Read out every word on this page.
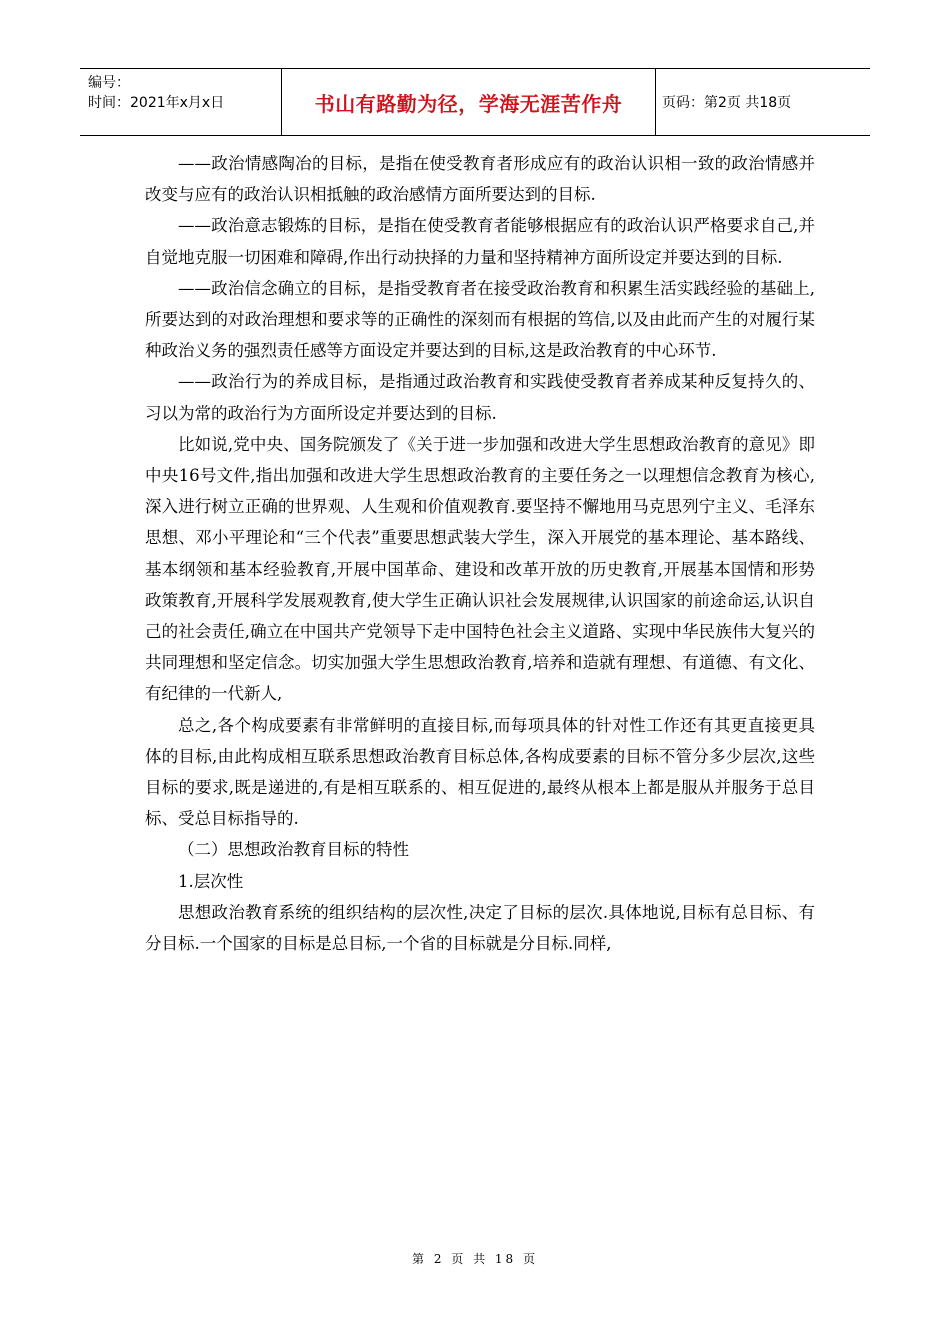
编号：
时间：2021年x月x日	书山有路勤为径，学海无涯苦作舟	页码：第2页 共18页

——政治情感陶冶的目标，是指在使受教育者形成应有的政治认识相一致的政治情感并改变与应有的政治认识相抵触的政治感情方面所要达到的目标.

——政治意志锻炼的目标，是指在使受教育者能够根据应有的政治认识严格要求自己,并自觉地克服一切困难和障碍,作出行动抉择的力量和坚持精神方面所设定并要达到的目标.

——政治信念确立的目标，是指受教育者在接受政治教育和积累生活实践经验的基础上,所要达到的对政治理想和要求等的正确性的深刻而有根据的笃信,以及由此而产生的对履行某种政治义务的强烈责任感等方面设定并要达到的目标,这是政治教育的中心环节.

——政治行为的养成目标，是指通过政治教育和实践使受教育者养成某种反复持久的、习以为常的政治行为方面所设定并要达到的目标.

比如说,党中央、国务院颁发了《关于进一步加强和改进大学生思想政治教育的意见》即中央16号文件,指出加强和改进大学生思想政治教育的主要任务之一以理想信念教育为核心,深入进行树立正确的世界观、人生观和价值观教育.要坚持不懈地用马克思列宁主义、毛泽东思想、邓小平理论和“三个代表”重要思想武装大学生，深入开展党的基本理论、基本路线、基本纲领和基本经验教育,开展中国革命、建设和改革开放的历史教育,开展基本国情和形势政策教育,开展科学发展观教育,使大学生正确认识社会发展规律,认识国家的前途命运,认识自己的社会责任,确立在中国共产党领导下走中国特色社会主义道路、实现中华民族伟大复兴的共同理想和坚定信念。切实加强大学生思想政治教育,培养和造就有理想、有道德、有文化、有纪律的一代新人,

总之,各个构成要素有非常鲜明的直接目标,而每项具体的针对性工作还有其更直接更具体的目标,由此构成相互联系思想政治教育目标总体,各构成要素的目标不管分多少层次,这些目标的要求,既是递进的,有是相互联系的、相互促进的,最终从根本上都是服从并服务于总目标、受总目标指导的.

（二）思想政治教育目标的特性

1.层次性

思想政治教育系统的组织结构的层次性,决定了目标的层次.具体地说,目标有总目标、有分目标.一个国家的目标是总目标,一个省的目标就是分目标.同样,

第 2 页 共 18 页
